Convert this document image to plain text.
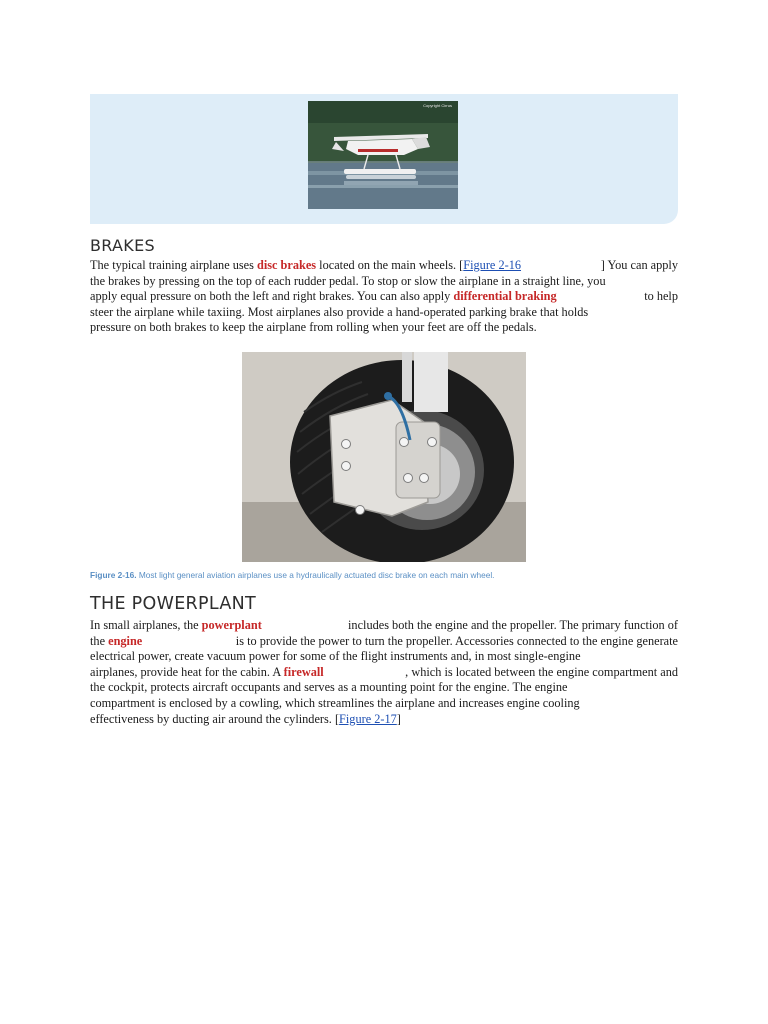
Copyright Cirrus
BRAKES
The typical training airplane uses disc brakes located on the main wheels. [Figure 2-16	] You can apply
the brakes by pressing on the top of each rudder pedal. To stop or slow the airplane in a straight line, you
apply equal pressure on both the left and right brakes. You can also apply differential braking	to help
steer the airplane while taxiing. Most airplanes also provide a hand-operated parking brake that holds
pressure on both brakes to keep the airplane from rolling when your feet are off the pedals.

Figure 2-16. Most light general aviation airplanes use a hydraulically actuated disc brake on each main wheel.

THE POWERPLANT
In small airplanes, the powerplant	includes both the engine and the propeller. The primary function of
the engine	is to provide the power to turn the propeller. Accessories connected to the engine generate
electrical power, create vacuum power for some of the flight instruments and, in most single-engine
airplanes, provide heat for the cabin. A firewall	, which is located between the engine compartment and
the cockpit, protects aircraft occupants and serves as a mounting point for the engine. The engine
compartment is enclosed by a cowling, which streamlines the airplane and increases engine cooling
effectiveness by ducting air around the cylinders. [Figure 2-17]
